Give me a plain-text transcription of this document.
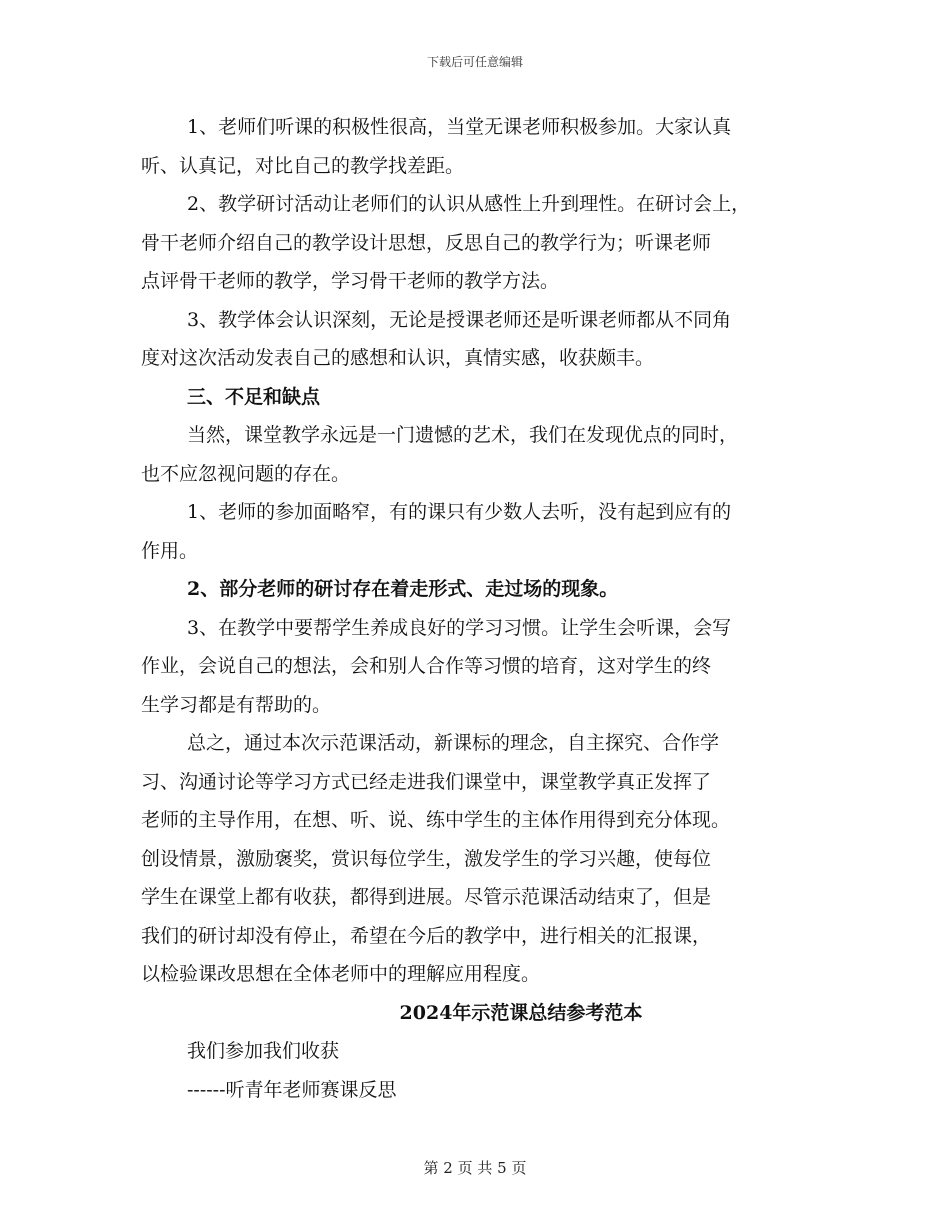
下载后可任意编辑
1、老师们听课的积极性很高，当堂无课老师积极参加。大家认真
听、认真记，对比自己的教学找差距。
2、教学研讨活动让老师们的认识从感性上升到理性。在研讨会上，
骨干老师介绍自己的教学设计思想，反思自己的教学行为；听课老师
点评骨干老师的教学，学习骨干老师的教学方法。
3、教学体会认识深刻，无论是授课老师还是听课老师都从不同角
度对这次活动发表自己的感想和认识，真情实感，收获颇丰。
三、不足和缺点
当然，课堂教学永远是一门遗憾的艺术，我们在发现优点的同时，
也不应忽视问题的存在。
1、老师的参加面略窄，有的课只有少数人去听，没有起到应有的
作用。
2、部分老师的研讨存在着走形式、走过场的现象。
3、在教学中要帮学生养成良好的学习习惯。让学生会听课，会写
作业，会说自己的想法，会和别人合作等习惯的培育，这对学生的终
生学习都是有帮助的。
总之，通过本次示范课活动，新课标的理念，自主探究、合作学
习、沟通讨论等学习方式已经走进我们课堂中，课堂教学真正发挥了
老师的主导作用，在想、听、说、练中学生的主体作用得到充分体现。
创设情景，激励褒奖，赏识每位学生，激发学生的学习兴趣，使每位
学生在课堂上都有收获，都得到进展。尽管示范课活动结束了，但是
我们的研讨却没有停止，希望在今后的教学中，进行相关的汇报课，
以检验课改思想在全体老师中的理解应用程度。
2024年示范课总结参考范本
我们参加我们收获
------听青年老师赛课反思
第 2 页 共 5 页
